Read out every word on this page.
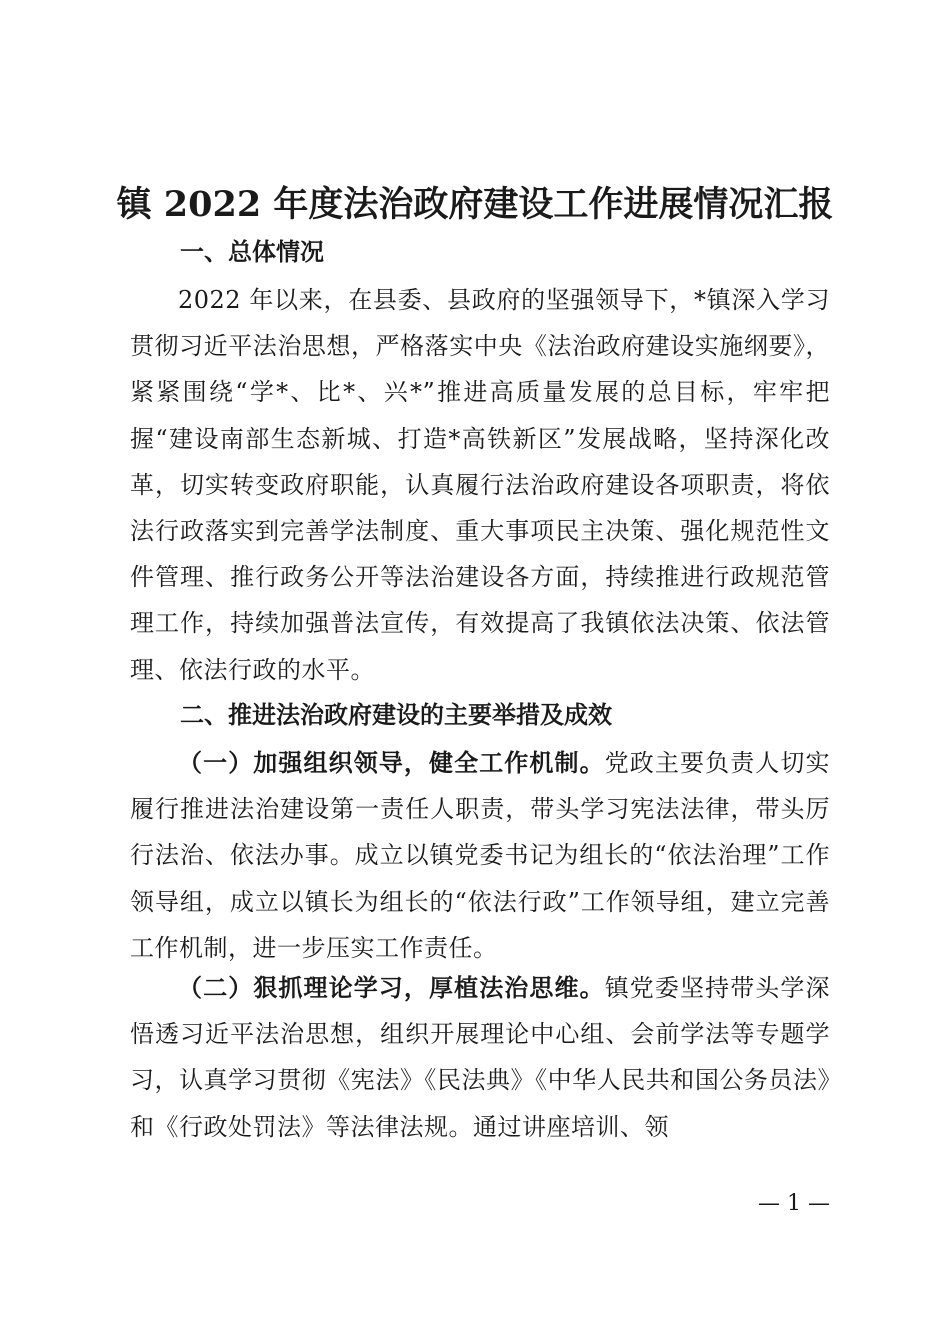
镇 2022 年度法治政府建设工作进展情况汇报
一、总体情况

2022 年以来，在县委、县政府的坚强领导下，*镇深入学习贯彻习近平法治思想，严格落实中央《法治政府建设实施纲要》，紧紧围绕“学*、比*、兴*”推进高质量发展的总目标，牢牢把握“建设南部生态新城、打造*高铁新区”发展战略，坚持深化改革，切实转变政府职能，认真履行法治政府建设各项职责，将依法行政落实到完善学法制度、重大事项民主决策、强化规范性文件管理、推行政务公开等法治建设各方面，持续推进行政规范管理工作，持续加强普法宣传，有效提高了我镇依法决策、依法管理、依法行政的水平。

二、推进法治政府建设的主要举措及成效

（一）加强组织领导，健全工作机制。党政主要负责人切实履行推进法治建设第一责任人职责，带头学习宪法法律，带头厉行法治、依法办事。成立以镇党委书记为组长的“依法治理”工作领导组，成立以镇长为组长的“依法行政”工作领导组，建立完善工作机制，进一步压实工作责任。

（二）狠抓理论学习，厚植法治思维。镇党委坚持带头学深悟透习近平法治思想，组织开展理论中心组、会前学法等专题学习，认真学习贯彻《宪法》《民法典》《中华人民共和国公务员法》和《行政处罚法》等法律法规。通过讲座培训、领

— 1 —
